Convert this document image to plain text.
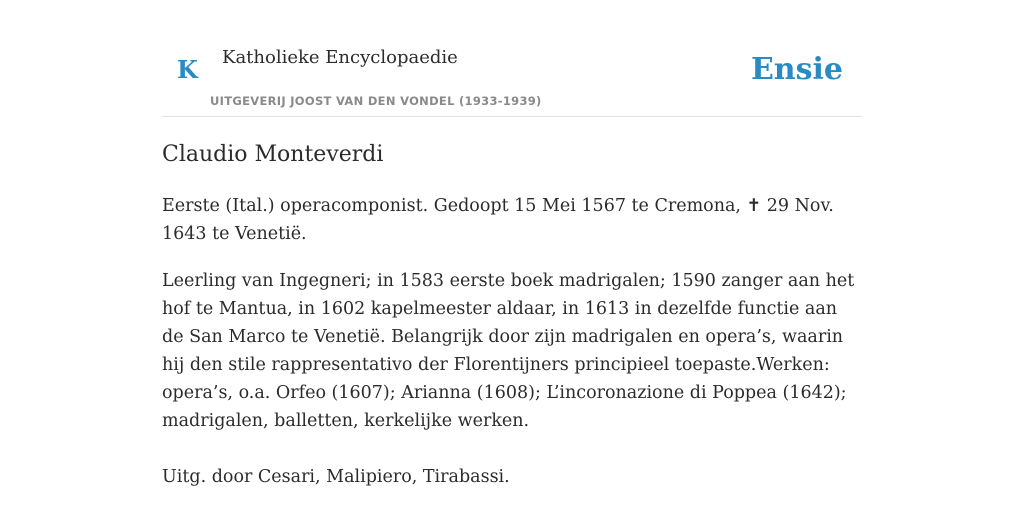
K Katholieke Encyclopaedie
UITGEVERIJ JOOST VAN DEN VONDEL (1933-1939)
Ensie
Claudio Monteverdi

Eerste (Ital.) operacomponist. Gedoopt 15 Mei 1567 te Cremona, ✝ 29 Nov. 1643 te Venetië.

Leerling van Ingegneri; in 1583 eerste boek madrigalen; 1590 zanger aan het hof te Mantua, in 1602 kapelmeester aldaar, in 1613 in dezelfde functie aan de San Marco te Venetië. Belangrijk door zijn madrigalen en opera’s, waarin hij den stile rappresentativo der Florentijners principieel toepaste.Werken: opera’s, o.a. Orfeo (1607); Arianna (1608); L’incoronazione di Poppea (1642); madrigalen, balletten, kerkelijke werken.

Uitg. door Cesari, Malipiero, Tirabassi.
